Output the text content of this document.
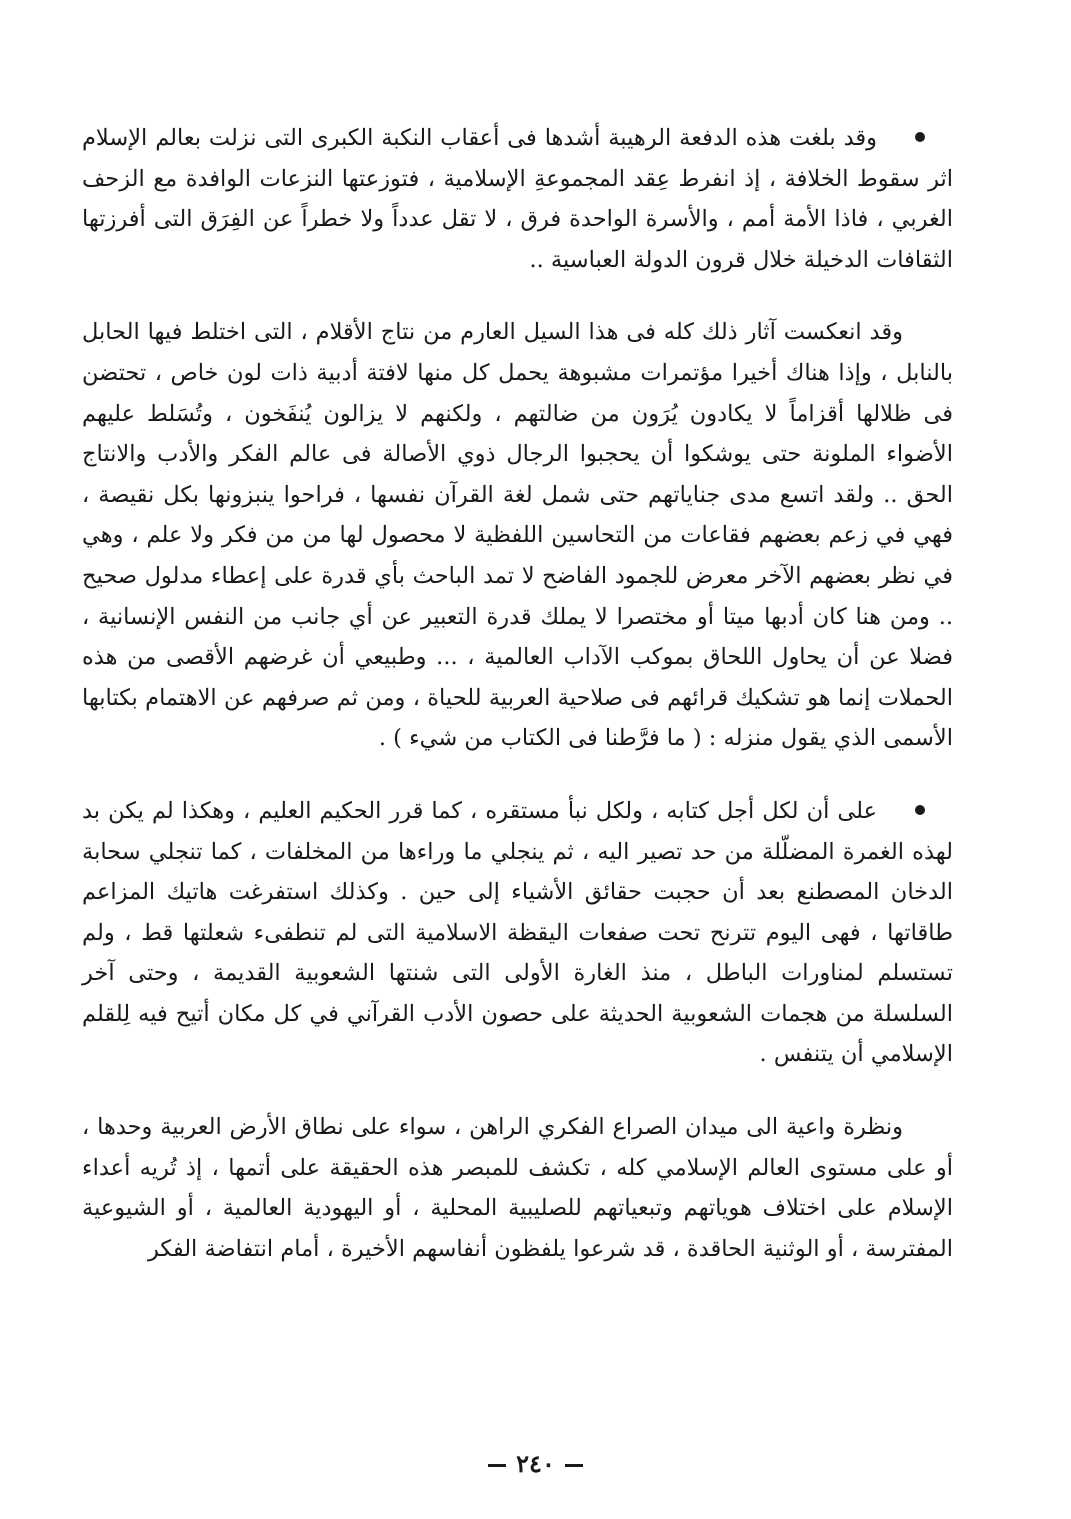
وقد بلغت هذه الدفعة الرهيبة أشدها فى أعقاب النكبة الكبرى التى نزلت بعالم الإسلام اثر سقوط الخلافة ، إذ انفرط عِقد المجموعةِ الإسلامية ، فتوزعتها النزعات الوافدة مع الزحف الغربي ، فاذا الأمة أمم ، والأسرة الواحدة فرق ، لا تقل عدداً ولا خطراً عن الفِرَق التى أفرزتها الثقافات الدخيلة خلال قرون الدولة العباسية ..

وقد انعكست آثار ذلك كله فى هذا السيل العارم من نتاج الأقلام ، التى اختلط فيها الحابل بالنابل ، وإذا هناك أخيرا مؤتمرات مشبوهة يحمل كل منها لافتة أدبية ذات لون خاص ، تحتضن فى ظلالها أقزاماً لا يكادون يُرَون من ضالتهم ، ولكنهم لا يزالون يُنفَخون ، وتُسَلط عليهم الأضواء الملونة حتى يوشكوا أن يحجبوا الرجال ذوي الأصالة فى عالم الفكر والأدب والانتاج الحق .. ولقد اتسع مدى جناياتهم حتى شمل لغة القرآن نفسها ، فراحوا ينبزونها بكل نقيصة ، فهي في زعم بعضهم فقاعات من التحاسين اللفظية لا محصول لها من من فكر ولا علم ، وهي في نظر بعضهم الآخر معرض للجمود الفاضح لا تمد الباحث بأي قدرة على إعطاء مدلول صحيح .. ومن هنا كان أدبها ميتا أو مختصرا لا يملك قدرة التعبير عن أي جانب من النفس الإنسانية ، فضلا عن أن يحاول اللحاق بموكب الآداب العالمية ، ... وطبيعي أن غرضهم الأقصى من هذه الحملات إنما هو تشكيك قرائهم فى صلاحية العربية للحياة ، ومن ثم صرفهم عن الاهتمام بكتابها الأسمى الذي يقول منزله : ( ما فرَّطنا فى الكتاب من شيء ) .

على أن لكل أجل كتابه ، ولكل نبأ مستقره ، كما قرر الحكيم العليم ، وهكذا لم يكن بد لهذه الغمرة المضلّلة من حد تصير اليه ، ثم ينجلي ما وراءها من المخلفات ، كما تنجلي سحابة الدخان المصطنع بعد أن حجبت حقائق الأشياء إلى حين . وكذلك استفرغت هاتيك المزاعم طاقاتها ، فهى اليوم تترنح تحت صفعات اليقظة الاسلامية التى لم تنطفىء شعلتها قط ، ولم تستسلم لمناورات الباطل ، منذ الغارة الأولى التى شنتها الشعوبية القديمة ، وحتى آخر السلسلة من هجمات الشعوبية الحديثة على حصون الأدب القرآني في كل مكان أتيح فيه لِلقلم الإسلامي أن يتنفس .

ونظرة واعية الى ميدان الصراع الفكري الراهن ، سواء على نطاق الأرض العربية وحدها ، أو على مستوى العالم الإسلامي كله ، تكشف للمبصر هذه الحقيقة على أتمها ، إذ تُريه أعداء الإسلام على اختلاف هوياتهم وتبعياتهم للصليبية المحلية ، أو اليهودية العالمية ، أو الشيوعية المفترسة ، أو الوثنية الحاقدة ، قد شرعوا يلفظون أنفاسهم الأخيرة ، أمام انتفاضة الفكر

٢٤٠
